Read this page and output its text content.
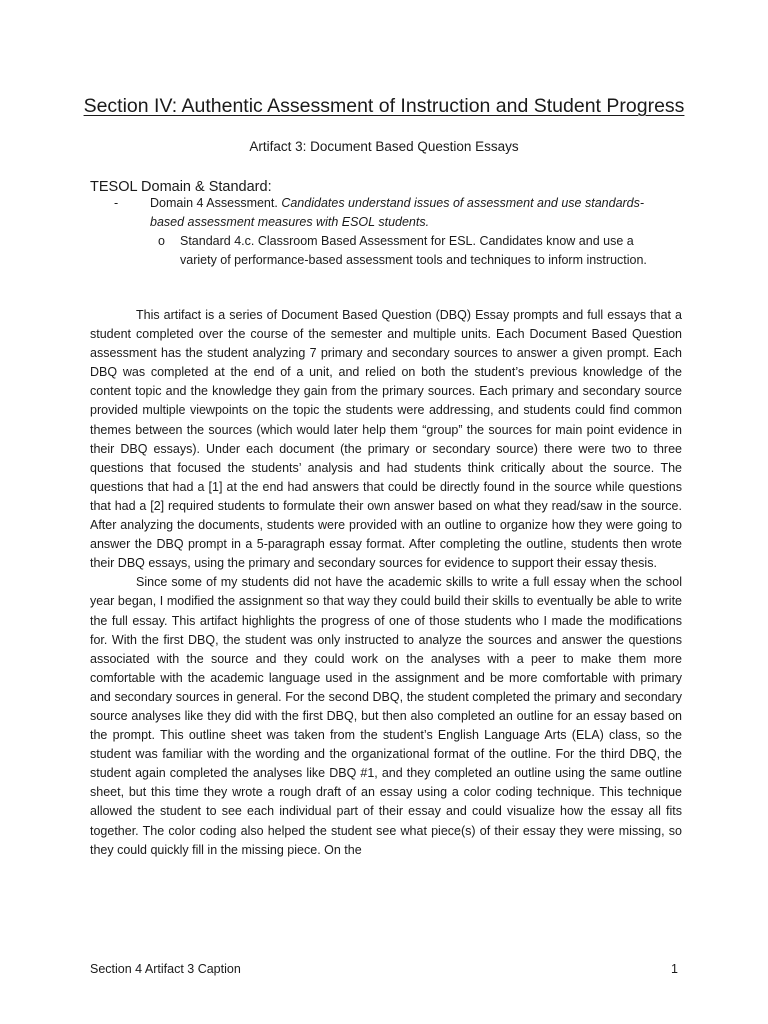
Section IV: Authentic Assessment of Instruction and Student Progress
Artifact 3: Document Based Question Essays
TESOL Domain & Standard:
-	Domain 4 Assessment. Candidates understand issues of assessment and use standards-based assessment measures with ESOL students.
o Standard 4.c. Classroom Based Assessment for ESL. Candidates know and use a variety of performance-based assessment tools and techniques to inform instruction.

This artifact is a series of Document Based Question (DBQ) Essay prompts and full essays that a student completed over the course of the semester and multiple units. Each Document Based Question assessment has the student analyzing 7 primary and secondary sources to answer a given prompt. Each DBQ was completed at the end of a unit, and relied on both the student’s previous knowledge of the content topic and the knowledge they gain from the primary sources. Each primary and secondary source provided multiple viewpoints on the topic the students were addressing, and students could find common themes between the sources (which would later help them “group” the sources for main point evidence in their DBQ essays). Under each document (the primary or secondary source) there were two to three questions that focused the students’ analysis and had students think critically about the source. The questions that had a [1] at the end had answers that could be directly found in the source while questions that had a [2] required students to formulate their own answer based on what they read/saw in the source. After analyzing the documents, students were provided with an outline to organize how they were going to answer the DBQ prompt in a 5-paragraph essay format. After completing the outline, students then wrote their DBQ essays, using the primary and secondary sources for evidence to support their essay thesis.

Since some of my students did not have the academic skills to write a full essay when the school year began, I modified the assignment so that way they could build their skills to eventually be able to write the full essay. This artifact highlights the progress of one of those students who I made the modifications for. With the first DBQ, the student was only instructed to analyze the sources and answer the questions associated with the source and they could work on the analyses with a peer to make them more comfortable with the academic language used in the assignment and be more comfortable with primary and secondary sources in general. For the second DBQ, the student completed the primary and secondary source analyses like they did with the first DBQ, but then also completed an outline for an essay based on the prompt. This outline sheet was taken from the student’s English Language Arts (ELA) class, so the student was familiar with the wording and the organizational format of the outline. For the third DBQ, the student again completed the analyses like DBQ #1, and they completed an outline using the same outline sheet, but this time they wrote a rough draft of an essay using a color coding technique. This technique allowed the student to see each individual part of their essay and could visualize how the essay all fits together. The color coding also helped the student see what piece(s) of their essay they were missing, so they could quickly fill in the missing piece. On the

Section 4 Artifact 3 Caption	1
